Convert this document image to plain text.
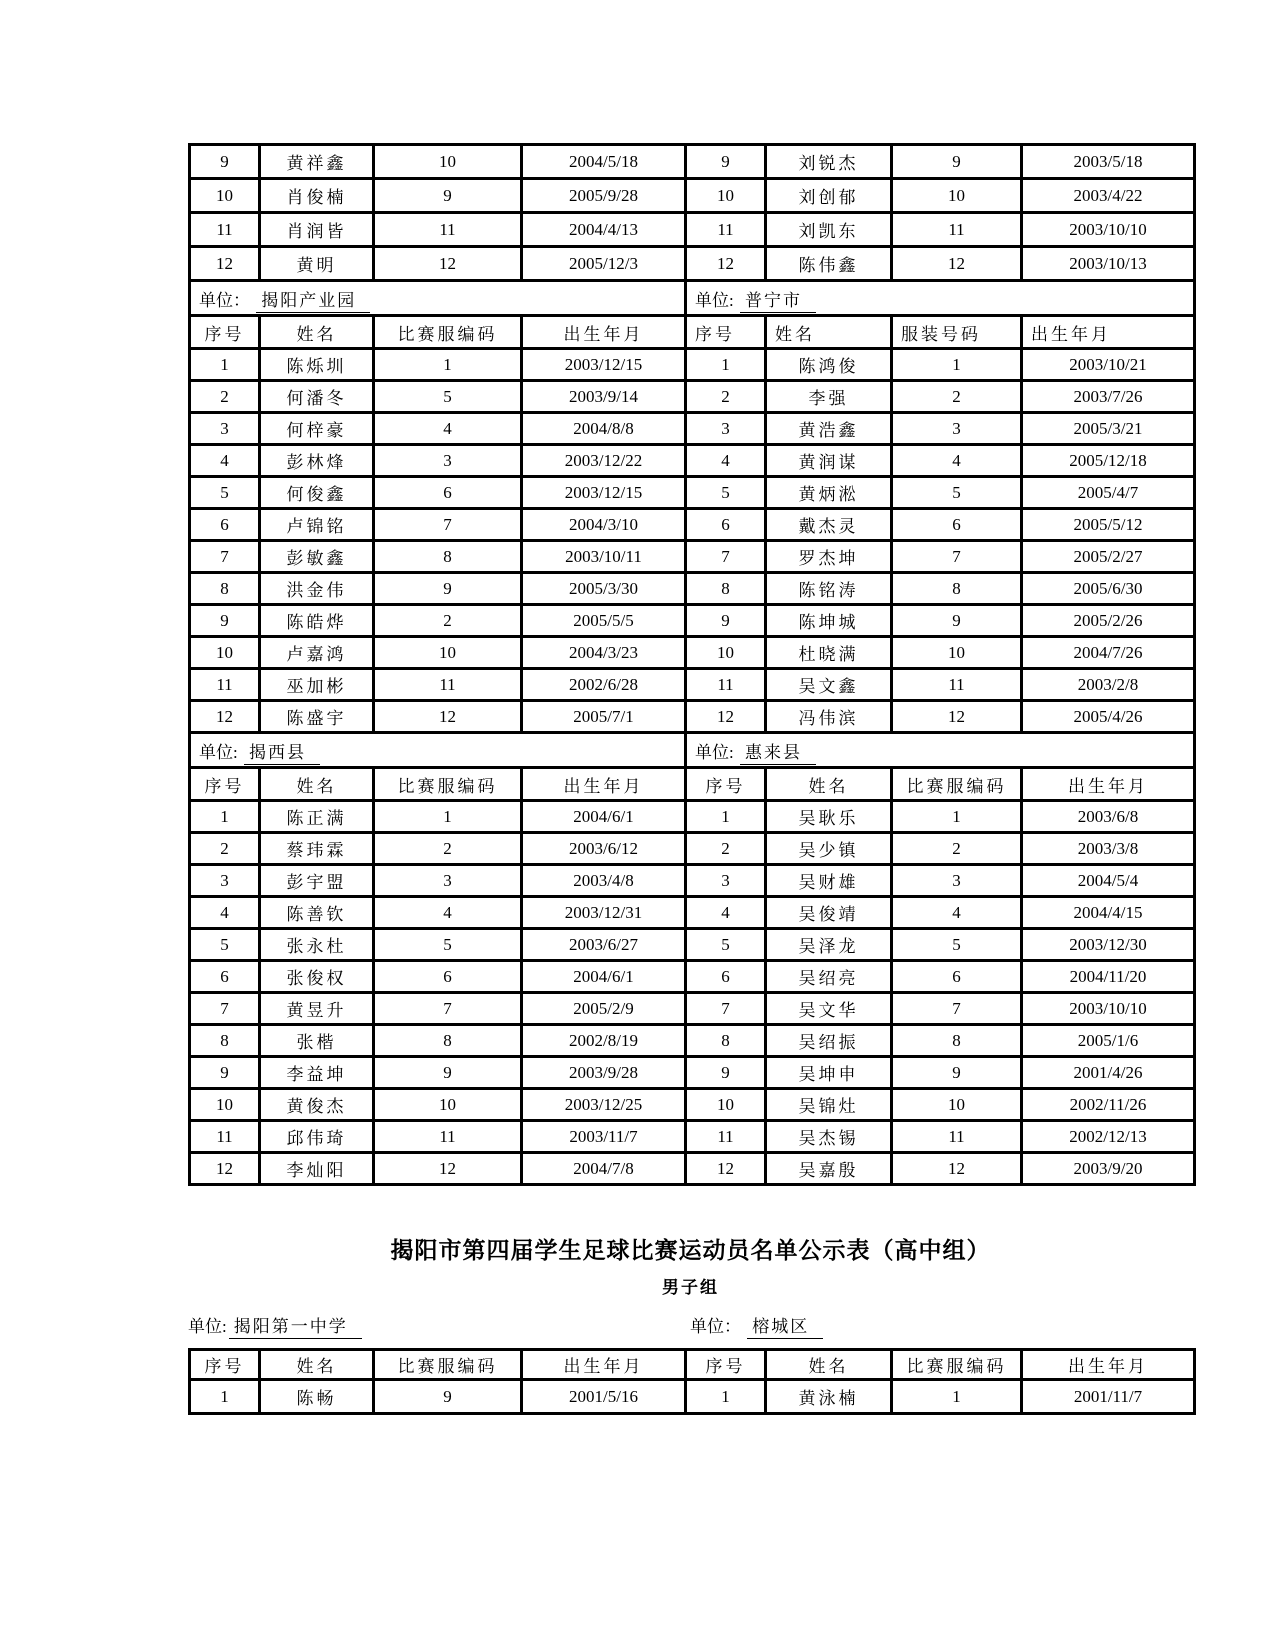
9	黄祥鑫	10	2004/5/18	9	刘锐杰	9	2003/5/18
10	肖俊楠	9	2005/9/28	10	刘创郁	10	2003/4/22
11	肖润皆	11	2004/4/13	11	刘凯东	11	2003/10/10
12	黄明	12	2005/12/3	12	陈伟鑫	12	2003/10/13
单位： 揭阳产业园				单位: 普宁市			
序号	姓名	比赛服编码	出生年月	序号	姓名	服装号码	出生年月
1	陈烁圳	1	2003/12/15	1	陈鸿俊	1	2003/10/21
2	何潘冬	5	2003/9/14	2	李强	2	2003/7/26
3	何梓豪	4	2004/8/8	3	黄浩鑫	3	2005/3/21
4	彭林烽	3	2003/12/22	4	黄润谋	4	2005/12/18
5	何俊鑫	6	2003/12/15	5	黄炳淞	5	2005/4/7
6	卢锦铭	7	2004/3/10	6	戴杰灵	6	2005/5/12
7	彭敏鑫	8	2003/10/11	7	罗杰坤	7	2005/2/27
8	洪金伟	9	2005/3/30	8	陈铭涛	8	2005/6/30
9	陈皓烨	2	2005/5/5	9	陈坤城	9	2005/2/26
10	卢嘉鸿	10	2004/3/23	10	杜晓满	10	2004/7/26
11	巫加彬	11	2002/6/28	11	吴文鑫	11	2003/2/8
12	陈盛宇	12	2005/7/1	12	冯伟滨	12	2005/4/26
单位: 揭西县				单位: 惠来县			
序号	姓名	比赛服编码	出生年月	序号	姓名	比赛服编码	出生年月
1	陈正满	1	2004/6/1	1	吴耿乐	1	2003/6/8
2	蔡玮霖	2	2003/6/12	2	吴少镇	2	2003/3/8
3	彭宇盟	3	2003/4/8	3	吴财雄	3	2004/5/4
4	陈善钦	4	2003/12/31	4	吴俊靖	4	2004/4/15
5	张永杜	5	2003/6/27	5	吴泽龙	5	2003/12/30
6	张俊权	6	2004/6/1	6	吴绍亮	6	2004/11/20
7	黄昱升	7	2005/2/9	7	吴文华	7	2003/10/10
8	张楷	8	2002/8/19	8	吴绍振	8	2005/1/6
9	李益坤	9	2003/9/28	9	吴坤申	9	2001/4/26
10	黄俊杰	10	2003/12/25	10	吴锦灶	10	2002/11/26
11	邱伟琦	11	2003/11/7	11	吴杰锡	11	2002/12/13
12	李灿阳	12	2004/7/8	12	吴嘉殷	12	2003/9/20
揭阳市第四届学生足球比赛运动员名单公示表（高中组）
男子组
单位: 揭阳第一中学	单位： 榕城区
序号	姓名	比赛服编码	出生年月	序号	姓名	比赛服编码	出生年月
1	陈畅	9	2001/5/16	1	黄泳楠	1	2001/11/7
